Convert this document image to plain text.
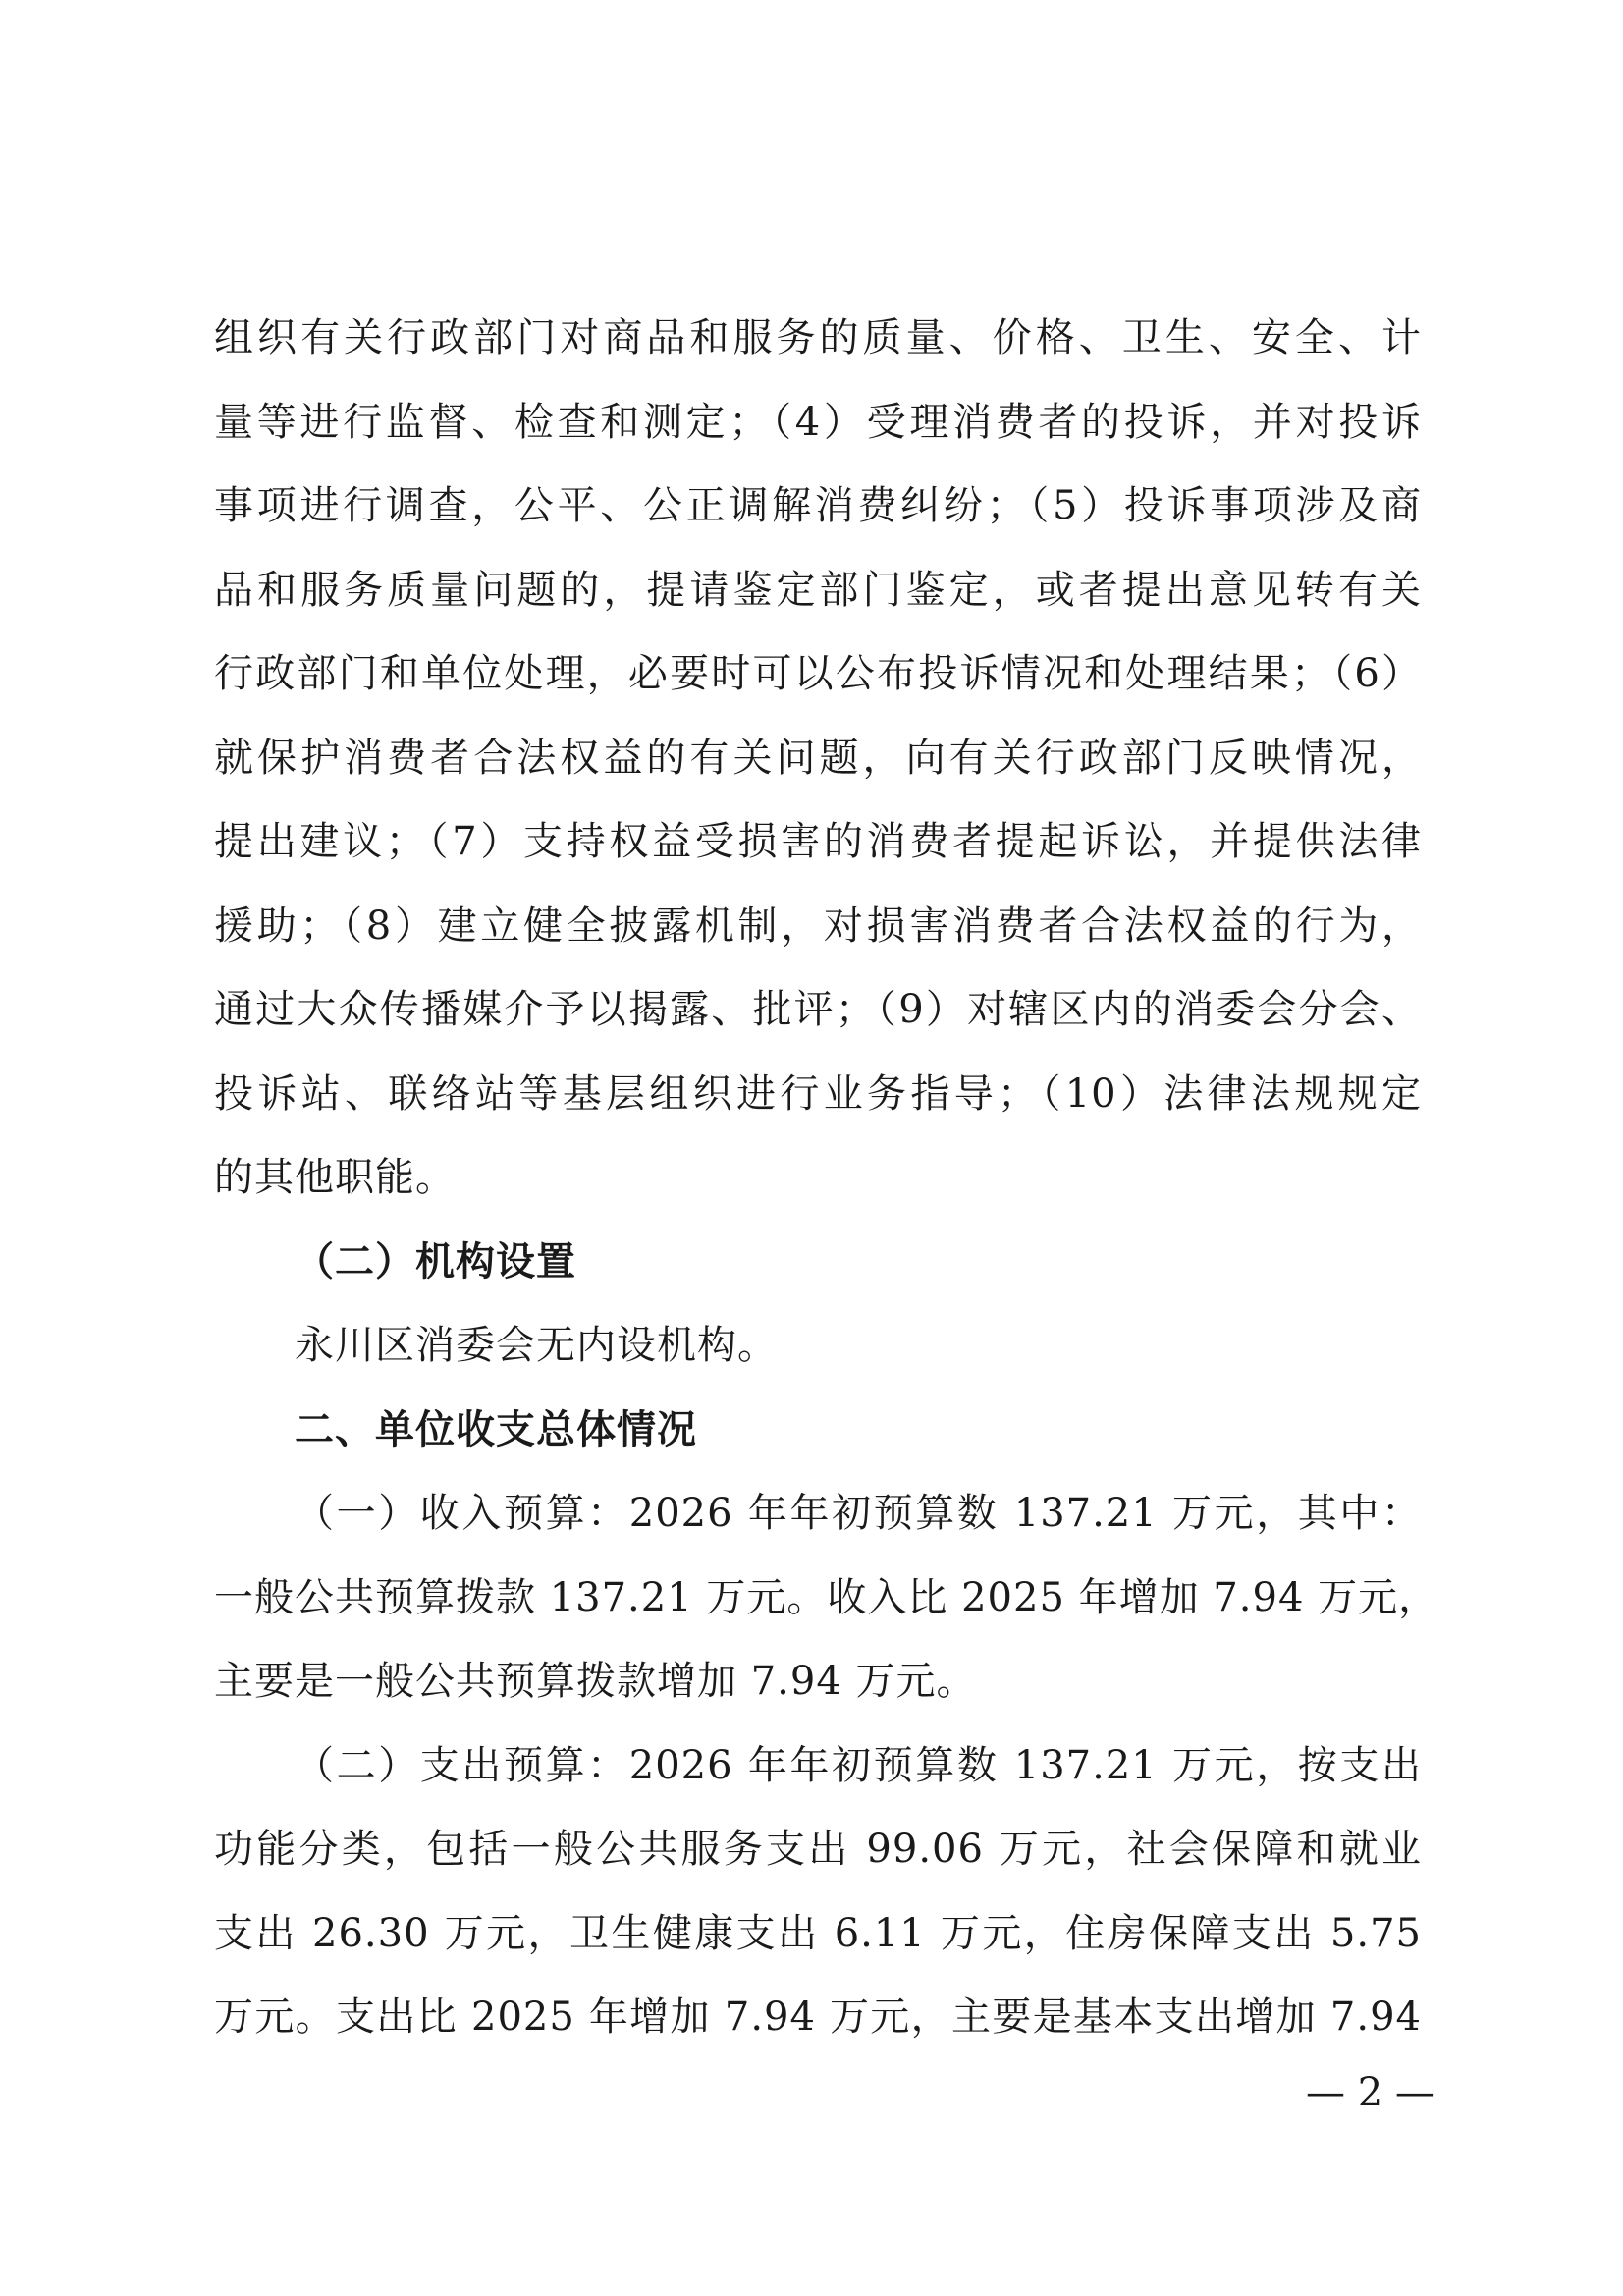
组织有关行政部门对商品和服务的质量、价格、卫生、安全、计
量等进行监督、检查和测定；（4）受理消费者的投诉，并对投诉
事项进行调查，公平、公正调解消费纠纷；（5）投诉事项涉及商
品和服务质量问题的，提请鉴定部门鉴定，或者提出意见转有关
行政部门和单位处理，必要时可以公布投诉情况和处理结果；（6）
就保护消费者合法权益的有关问题，向有关行政部门反映情况，
提出建议；（7）支持权益受损害的消费者提起诉讼，并提供法律
援助；（8）建立健全披露机制，对损害消费者合法权益的行为，
通过大众传播媒介予以揭露、批评；（9）对辖区内的消委会分会、
投诉站、联络站等基层组织进行业务指导；（10）法律法规规定
的其他职能。
（二）机构设置
永川区消委会无内设机构。
二、单位收支总体情况
（一）收入预算：2026 年年初预算数 137.21 万元，其中：
一般公共预算拨款 137.21 万元。收入比 2025 年增加 7.94 万元，
主要是一般公共预算拨款增加 7.94 万元。
（二）支出预算：2026 年年初预算数 137.21 万元，按支出
功能分类，包括一般公共服务支出 99.06 万元，社会保障和就业
支出 26.30 万元，卫生健康支出 6.11 万元，住房保障支出 5.75
万元。支出比 2025 年增加 7.94 万元，主要是基本支出增加 7.94
— 2 —
